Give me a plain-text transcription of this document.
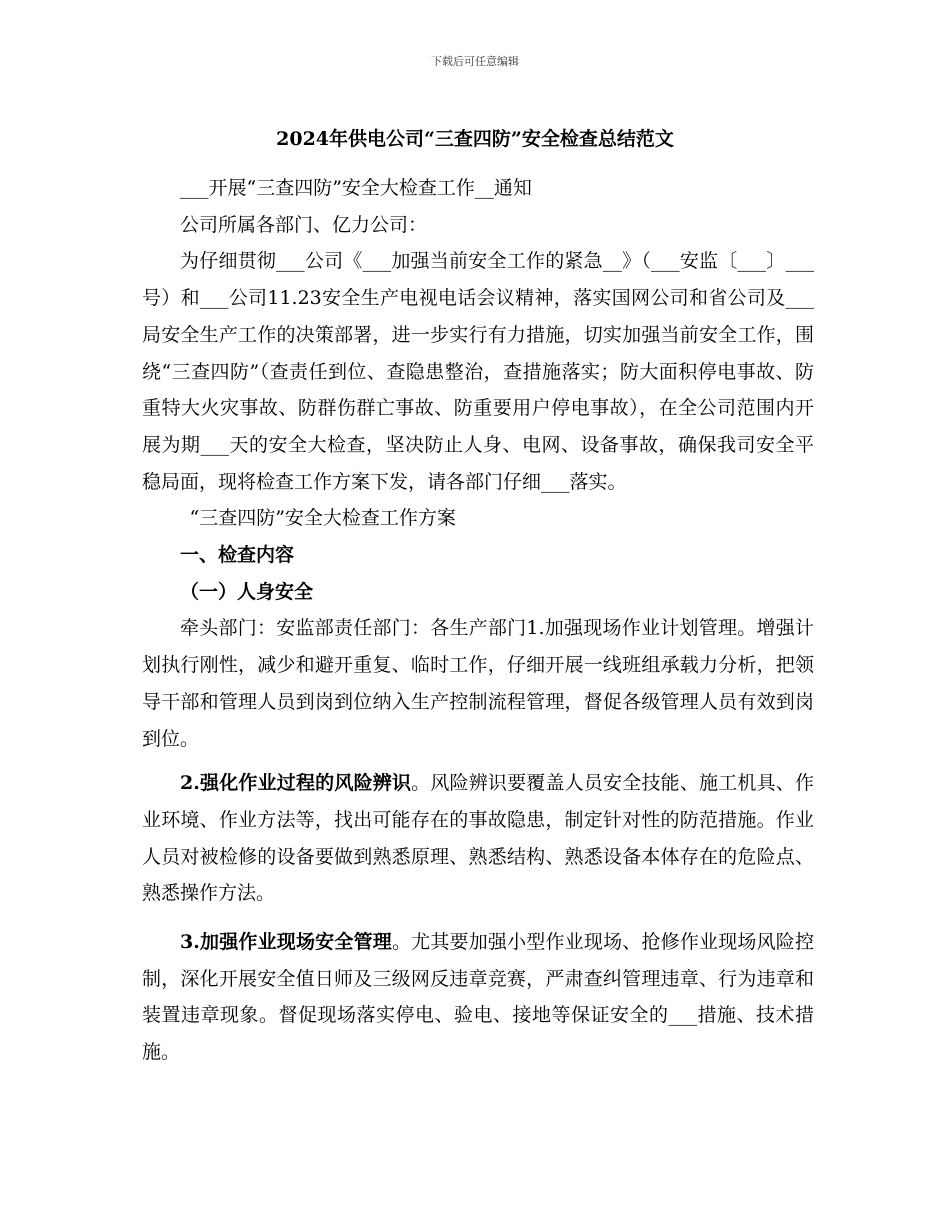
下载后可任意编辑
2024年供电公司“三查四防”安全检查总结范文

___开展“三查四防”安全大检查工作__通知

公司所属各部门、亿力公司：

为仔细贯彻___公司《___加强当前安全工作的紧急__》（___安监〔___〕___号）和___公司11.23安全生产电视电话会议精神，落实国网公司和省公司及___局安全生产工作的决策部署，进一步实行有力措施，切实加强当前安全工作，围绕“三查四防”（查责任到位、查隐患整治，查措施落实；防大面积停电事故、防重特大火灾事故、防群伤群亡事故、防重要用户停电事故），在全公司范围内开展为期___天的安全大检查，坚决防止人身、电网、设备事故，确保我司安全平稳局面，现将检查工作方案下发，请各部门仔细___落实。

“三查四防”安全大检查工作方案

一、检查内容

（一）人身安全

牵头部门：安监部责任部门：各生产部门1.加强现场作业计划管理。增强计划执行刚性，减少和避开重复、临时工作，仔细开展一线班组承载力分析，把领导干部和管理人员到岗到位纳入生产控制流程管理，督促各级管理人员有效到岗到位。

2.强化作业过程的风险辨识。风险辨识要覆盖人员安全技能、施工机具、作业环境、作业方法等，找出可能存在的事故隐患，制定针对性的防范措施。作业人员对被检修的设备要做到熟悉原理、熟悉结构、熟悉设备本体存在的危险点、熟悉操作方法。

3.加强作业现场安全管理。尤其要加强小型作业现场、抢修作业现场风险控制，深化开展安全值日师及三级网反违章竞赛，严肃查纠管理违章、行为违章和装置违章现象。督促现场落实停电、验电、接地等保证安全的___措施、技术措施。
